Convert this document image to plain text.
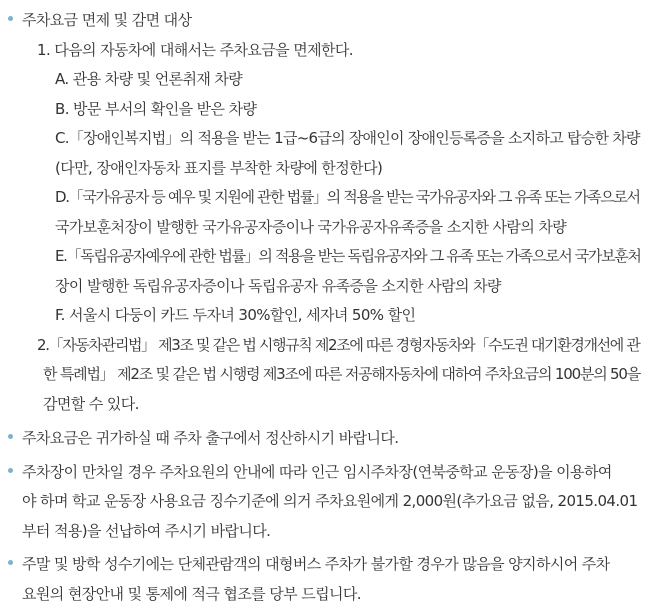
주차요금 면제 및 감면 대상
1. 다음의 자동차에 대해서는 주차요금을 면제한다.
A. 관용 차량 및 언론취재 차량
B. 방문 부서의 확인을 받은 차량
C.「장애인복지법」의 적용을 받는 1급~6급의 장애인이 장애인등록증을 소지하고 탑승한 차량
(다만, 장애인자동차 표지를 부착한 차량에 한정한다)
D.「국가유공자 등 예우 및 지원에 관한 법률」의 적용을 받는 국가유공자와 그 유족 또는 가족으로서
국가보훈처장이 발행한 국가유공자증이나 국가유공자유족증을 소지한 사람의 차량
E.「독립유공자예우에 관한 법률」의 적용을 받는 독립유공자와 그 유족 또는 가족으로서 국가보훈처
장이 발행한 독립유공자증이나 독립유공자 유족증을 소지한 사람의 차량
F. 서울시 다둥이 카드 두자녀 30%할인, 세자녀 50% 할인
2.「자동차관리법」 제3조 및 같은 법 시행규칙 제2조에 따른 경형자동차와「수도권 대기환경개선에 관
한 특례법」 제2조 및 같은 법 시행령 제3조에 따른 저공해자동차에 대하여 주차요금의 100분의 50을
감면할 수 있다.
주차요금은 귀가하실 때 주차 출구에서 정산하시기 바랍니다.
주차장이 만차일 경우 주차요원의 안내에 따라 인근 임시주차장(연북중학교 운동장)을 이용하여
야 하며 학교 운동장 사용요금 징수기준에 의거 주차요원에게 2,000원(추가요금 없음, 2015.04.01
부터 적용)을 선납하여 주시기 바랍니다.
주말 및 방학 성수기에는 단체관람객의 대형버스 주차가 불가할 경우가 많음을 양지하시어 주차
요원의 현장안내 및 통제에 적극 협조를 당부 드립니다.
